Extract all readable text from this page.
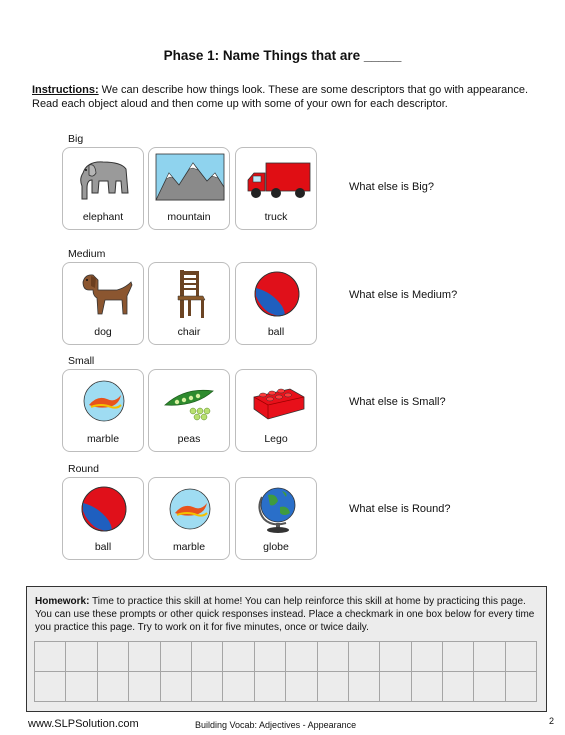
Phase 1: Name Things that are _____
Instructions: We can describe how things look. These are some descriptors that go with appearance. Read each object aloud and then come up with some of your own for each descriptor.
Big
elephant	mountain	truck
What else is Big?
Medium
dog	chair	ball
What else is Medium?
Small
marble	peas	Lego
What else is Small?
Round
ball	marble	globe
What else is Round?
Homework: Time to practice this skill at home! You can help reinforce this skill at home by practicing this page. You can use these prompts or other quick responses instead. Place a checkmark in one box below for every time you practice this page. Try to work on it for five minutes, once or twice daily.

www.SLPSolution.com	Building Vocab: Adjectives - Appearance	2
